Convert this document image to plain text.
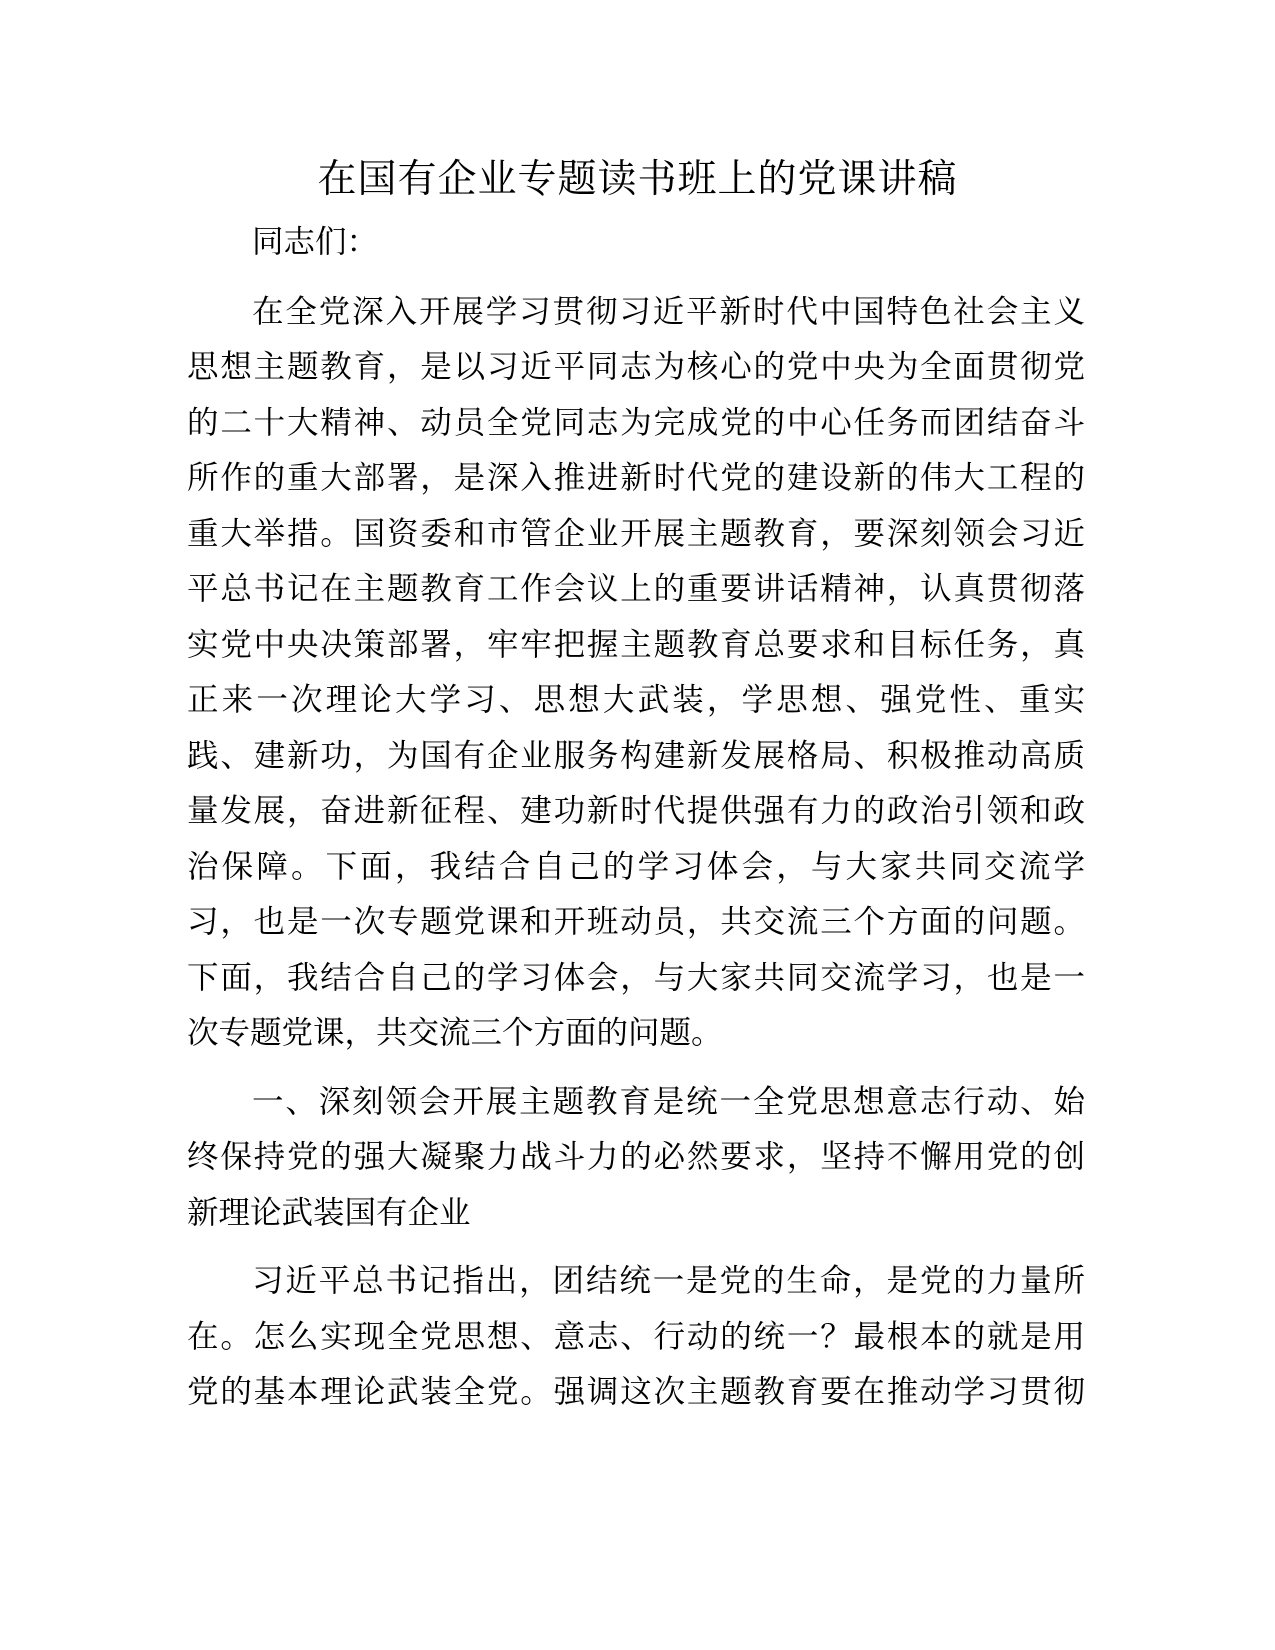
在国有企业专题读书班上的党课讲稿

同志们：

在全党深入开展学习贯彻习近平新时代中国特色社会主义

思想主题教育，是以习近平同志为核心的党中央为全面贯彻党

的二十大精神、动员全党同志为完成党的中心任务而团结奋斗

所作的重大部署，是深入推进新时代党的建设新的伟大工程的

重大举措。国资委和市管企业开展主题教育，要深刻领会习近

平总书记在主题教育工作会议上的重要讲话精神，认真贯彻落

实党中央决策部署，牢牢把握主题教育总要求和目标任务，真

正来一次理论大学习、思想大武装，学思想、强党性、重实

践、建新功，为国有企业服务构建新发展格局、积极推动高质

量发展，奋进新征程、建功新时代提供强有力的政治引领和政

治保障。下面，我结合自己的学习体会，与大家共同交流学

习，也是一次专题党课和开班动员，共交流三个方面的问题。

下面，我结合自己的学习体会，与大家共同交流学习，也是一

次专题党课，共交流三个方面的问题。

一、深刻领会开展主题教育是统一全党思想意志行动、始

终保持党的强大凝聚力战斗力的必然要求，坚持不懈用党的创

新理论武装国有企业

习近平总书记指出，团结统一是党的生命，是党的力量所

在。怎么实现全党思想、意志、行动的统一？最根本的就是用

党的基本理论武装全党。强调这次主题教育要在推动学习贯彻
